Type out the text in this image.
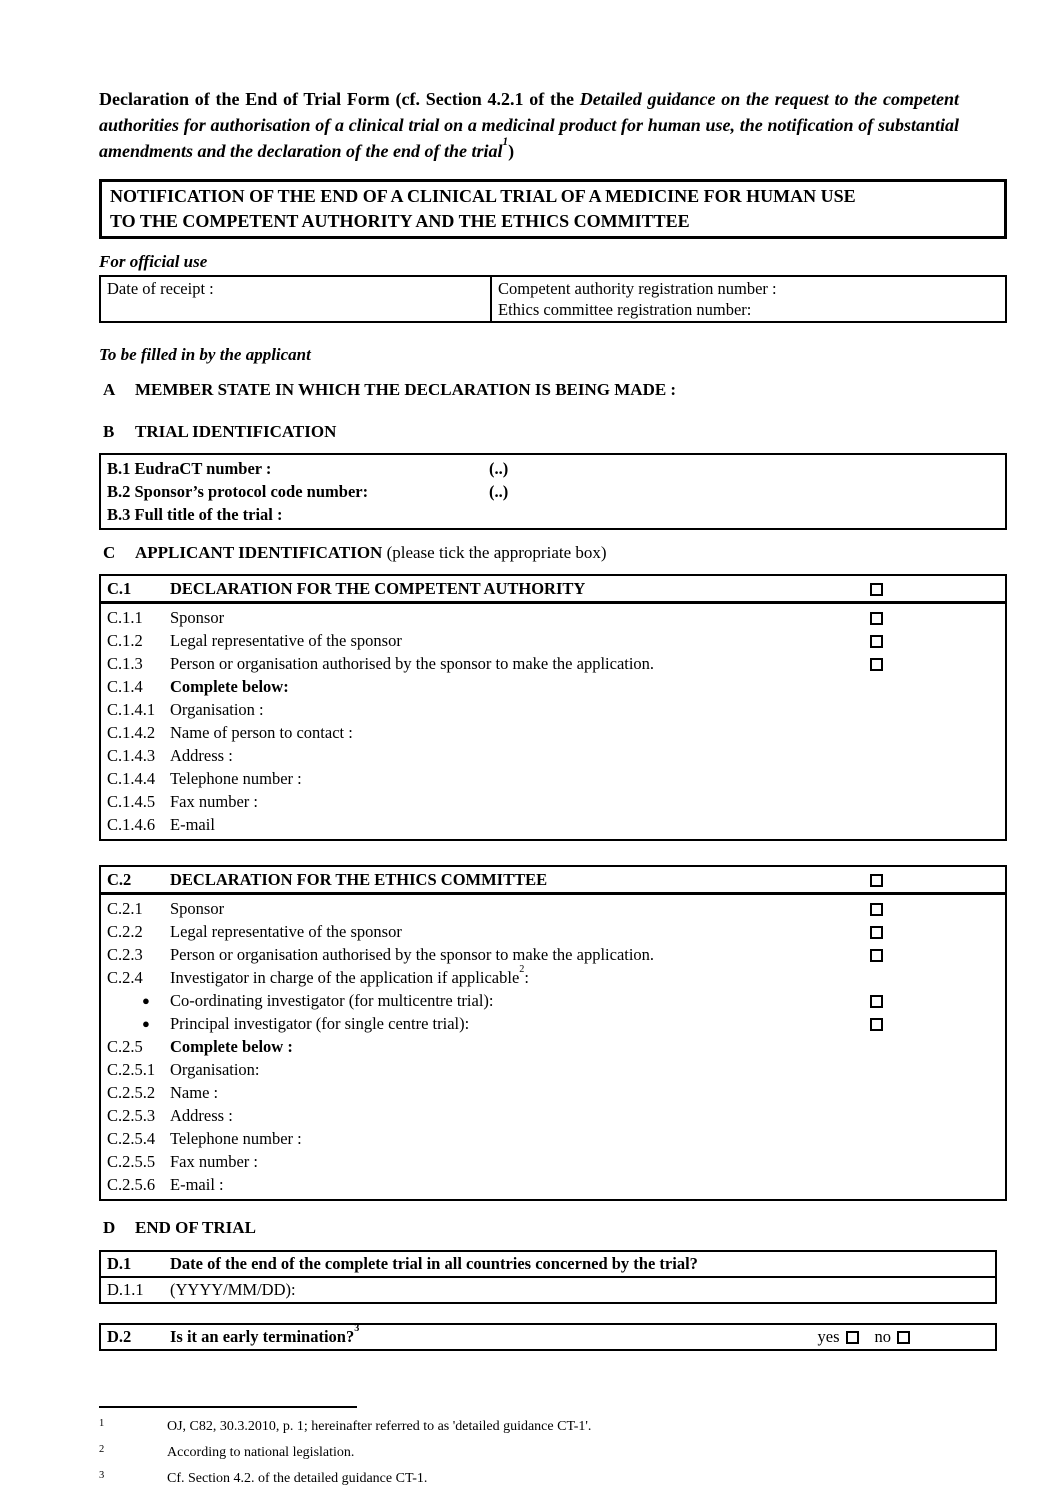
Declaration of the End of Trial Form (cf. Section 4.2.1 of the Detailed guidance on the request to the competent authorities for authorisation of a clinical trial on a medicinal product for human use, the notification of substantial amendments and the declaration of the end of the trial$^1$)

NOTIFICATION OF THE END OF A CLINICAL TRIAL OF A MEDICINE FOR HUMAN USE
TO THE COMPETENT AUTHORITY AND THE ETHICS COMMITTEE
For official use
Date of receipt :	Competent authority registration number :
Ethics committee registration number:
To be filled in by the applicant
A MEMBER STATE IN WHICH THE DECLARATION IS BEING MADE :
B TRIAL IDENTIFICATION
B.1 EudraCT number :	(..)
B.2 Sponsor’s protocol code number:	(..)
B.3 Full title of the trial :
C APPLICANT IDENTIFICATION (please tick the appropriate box)
C.1	DECLARATION FOR THE COMPETENT AUTHORITY
C.1.1	Sponsor
C.1.2	Legal representative of the sponsor
C.1.3	Person or organisation authorised by the sponsor to make the application.
C.1.4	Complete below:
C.1.4.1 Organisation :
C.1.4.2 Name of person to contact :
C.1.4.3 Address :
C.1.4.4 Telephone number :
C.1.4.5 Fax number :
C.1.4.6 E-mail
C.2	DECLARATION FOR THE ETHICS COMMITTEE
C.2.1	Sponsor
C.2.2	Legal representative of the sponsor
C.2.3	Person or organisation authorised by the sponsor to make the application.
C.2.4	Investigator in charge of the application if applicable$^2$:
●	Co-ordinating investigator (for multicentre trial):
●	Principal investigator (for single centre trial):
C.2.5	Complete below :
C.2.5.1 Organisation:
C.2.5.2 Name :
C.2.5.3 Address :
C.2.5.4 Telephone number :
C.2.5.5 Fax number :
C.2.5.6 E-mail :
D END OF TRIAL
D.1	Date of the end of the complete trial in all countries concerned by the trial?
D.1.1	(YYYY/MM/DD):
D.2	Is it an early termination?$^3$	yes no
1	OJ, C82, 30.3.2010, p. 1; hereinafter referred to as 'detailed guidance CT-1'.
2	According to national legislation.
3	Cf. Section 4.2. of the detailed guidance CT-1.
